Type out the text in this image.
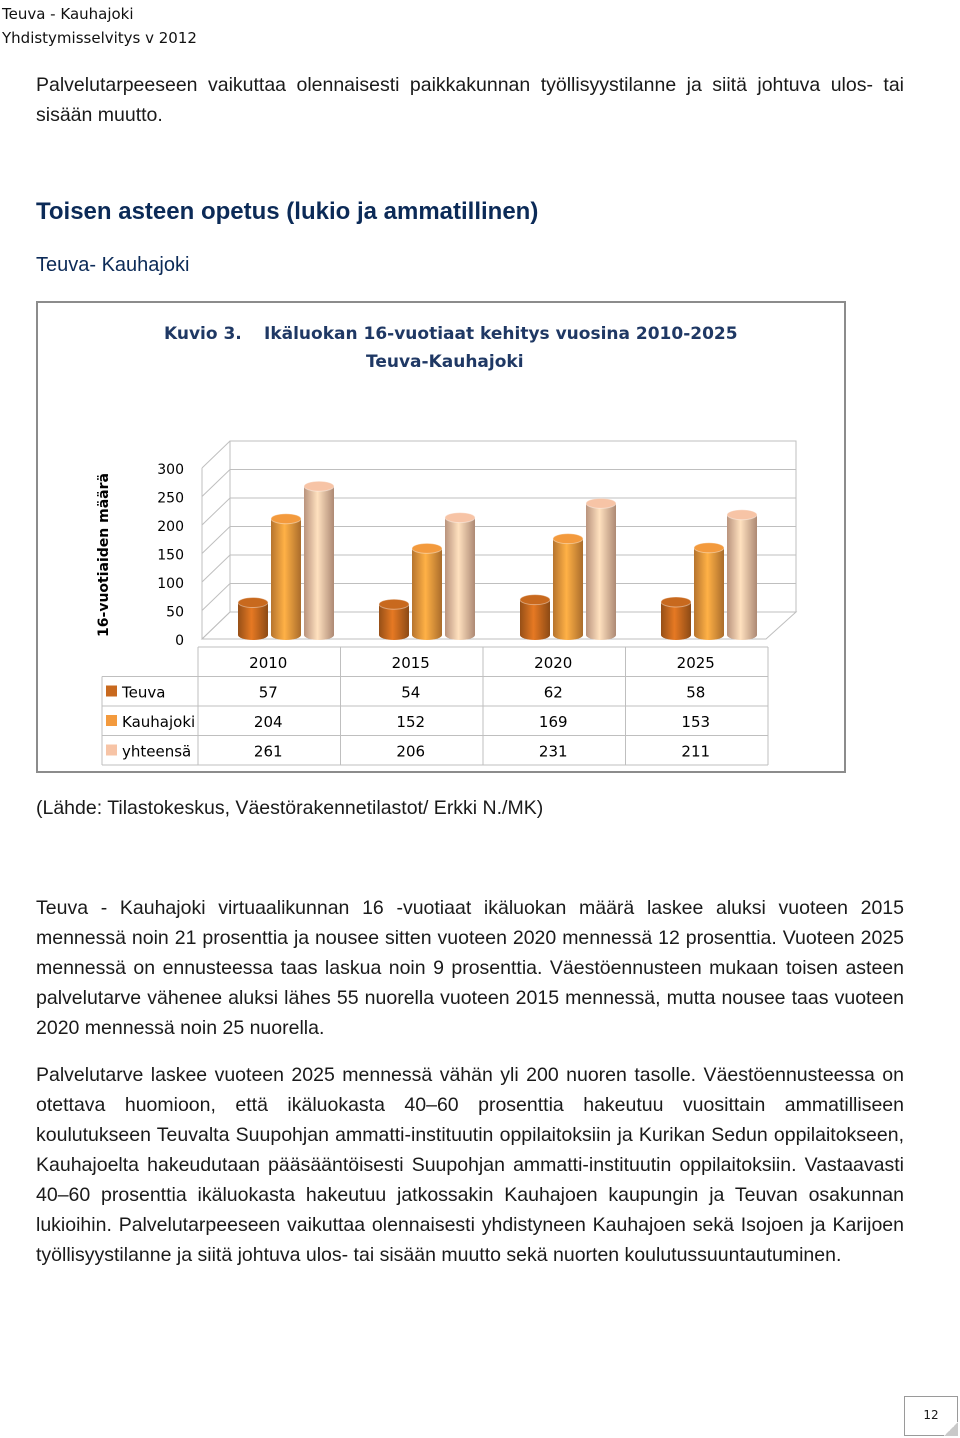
Teuva - Kauhajoki
Yhdistymisselvitys v 2012

Palvelutarpeeseen vaikuttaa olennaisesti paikkakunnan työllisyystilanne ja siitä johtuva ulos- tai sisään muutto.

Toisen asteen opetus (lukio ja ammatillinen)

Teuva- Kauhajoki

Kuvio 3. Ikäluokan 16-vuotiaat kehitys vuosina 2010-2025
Teuva-Kauhajoki
16-vuotiaiden määrä
0
50
100
150
200
250
300
2010	2015	2020	2025
Teuva	57	54	62	58
Kauhajoki	204	152	169	153
yhteensä	261	206	231	211

(Lähde: Tilastokeskus, Väestörakennetilastot/ Erkki N./MK)

Teuva - Kauhajoki virtuaalikunnan 16 -vuotiaat ikäluokan määrä laskee aluksi vuoteen 2015 mennessä noin 21 prosenttia ja nousee sitten vuoteen 2020 mennessä 12 prosenttia. Vuoteen 2025 mennessä on ennusteessa taas laskua noin 9 prosenttia. Väestöennusteen mukaan toisen asteen palvelutarve vähenee aluksi lähes 55 nuorella vuoteen 2015 mennessä, mutta nousee taas vuoteen 2020 mennessä noin 25 nuorella.

Palvelutarve laskee vuoteen 2025 mennessä vähän yli 200 nuoren tasolle. Väestöennusteessa on otettava huomioon, että ikäluokasta 40–60 prosenttia hakeutuu vuosittain ammatilliseen koulutukseen Teuvalta Suupohjan ammatti-instituutin oppilaitoksiin ja Kurikan Sedun oppilaitokseen, Kauhajoelta hakeudutaan pääsääntöisesti Suupohjan ammatti-instituutin oppilaitoksiin. Vastaavasti 40–60 prosenttia ikäluokasta hakeutuu jatkossakin Kauhajoen kaupungin ja Teuvan osakunnan lukioihin. Palvelutarpeeseen vaikuttaa olennaisesti yhdistyneen Kauhajoen sekä Isojoen ja Karijoen työllisyystilanne ja siitä johtuva ulos- tai sisään muutto sekä nuorten koulutussuuntautuminen.

12
